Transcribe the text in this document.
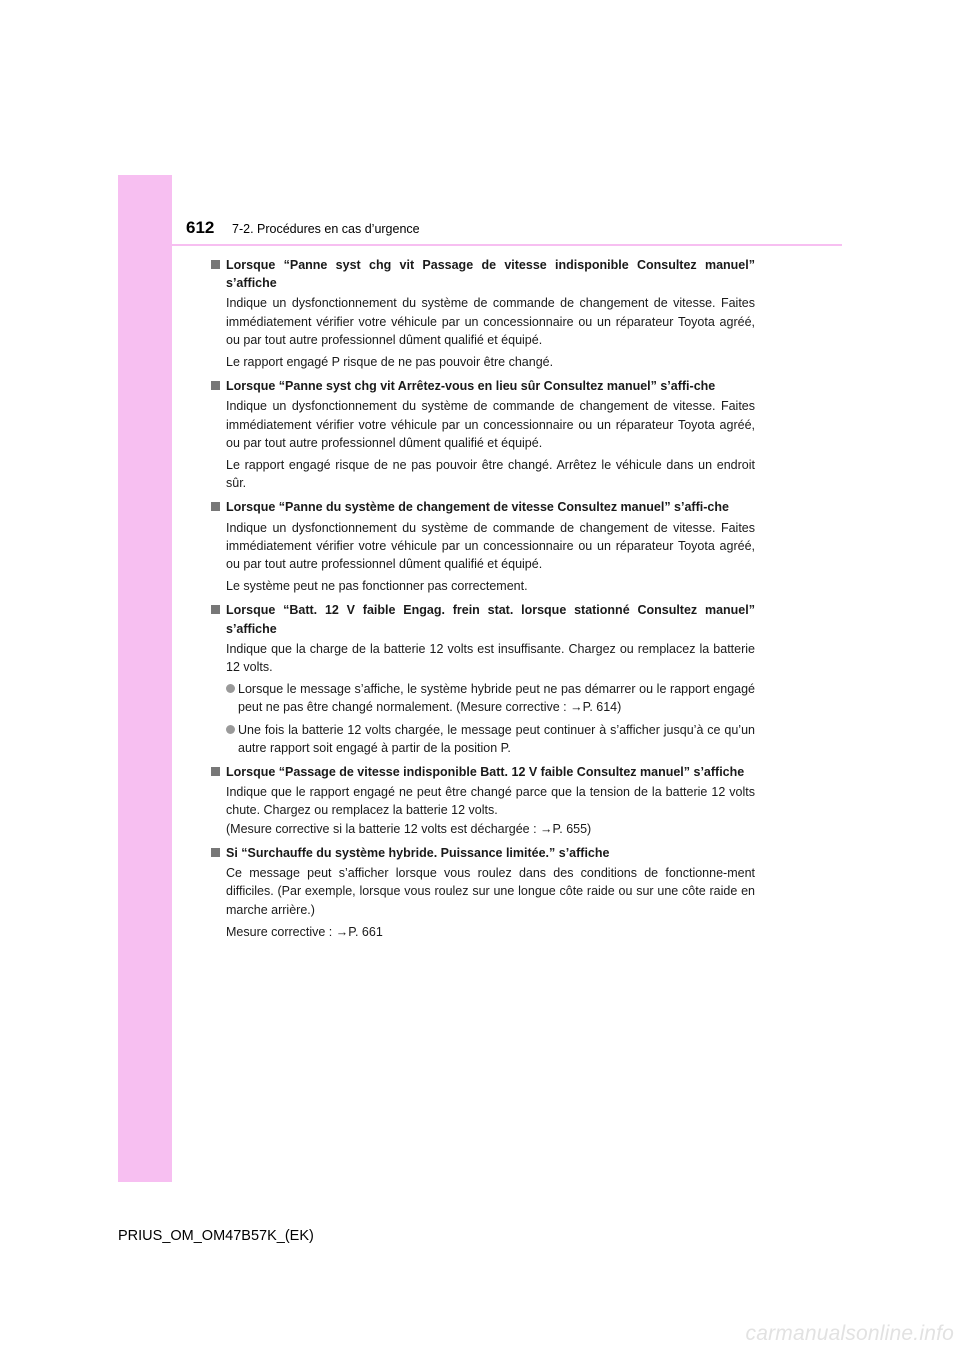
612 7-2. Procédures en cas d’urgence
Lorsque “Panne syst chg vit Passage de vitesse indisponible Consultez manuel” s’affiche
Indique un dysfonctionnement du système de commande de changement de vitesse. Faites immédiatement vérifier votre véhicule par un concessionnaire ou un réparateur Toyota agréé, ou par tout autre professionnel dûment qualifié et équipé.
Le rapport engagé P risque de ne pas pouvoir être changé.
Lorsque “Panne syst chg vit Arrêtez-vous en lieu sûr Consultez manuel” s’affi-che
Indique un dysfonctionnement du système de commande de changement de vitesse. Faites immédiatement vérifier votre véhicule par un concessionnaire ou un réparateur Toyota agréé, ou par tout autre professionnel dûment qualifié et équipé.
Le rapport engagé risque de ne pas pouvoir être changé. Arrêtez le véhicule dans un endroit sûr.
Lorsque “Panne du système de changement de vitesse Consultez manuel” s’affi-che
Indique un dysfonctionnement du système de commande de changement de vitesse. Faites immédiatement vérifier votre véhicule par un concessionnaire ou un réparateur Toyota agréé, ou par tout autre professionnel dûment qualifié et équipé.
Le système peut ne pas fonctionner pas correctement.
Lorsque “Batt. 12 V faible Engag. frein stat. lorsque stationné Consultez manuel” s’affiche
Indique que la charge de la batterie 12 volts est insuffisante. Chargez ou remplacez la batterie 12 volts.
Lorsque le message s’affiche, le système hybride peut ne pas démarrer ou le rapport engagé peut ne pas être changé normalement. (Mesure corrective : →P. 614)
Une fois la batterie 12 volts chargée, le message peut continuer à s’afficher jusqu’à ce qu’un autre rapport soit engagé à partir de la position P.
Lorsque “Passage de vitesse indisponible Batt. 12 V faible Consultez manuel” s’affiche
Indique que le rapport engagé ne peut être changé parce que la tension de la batterie 12 volts chute. Chargez ou remplacez la batterie 12 volts.
(Mesure corrective si la batterie 12 volts est déchargée : →P. 655)
Si “Surchauffe du système hybride. Puissance limitée.” s’affiche
Ce message peut s’afficher lorsque vous roulez dans des conditions de fonctionne-ment difficiles. (Par exemple, lorsque vous roulez sur une longue côte raide ou sur une côte raide en marche arrière.)
Mesure corrective : →P. 661
PRIUS_OM_OM47B57K_(EK)
carmanualsonline.info
